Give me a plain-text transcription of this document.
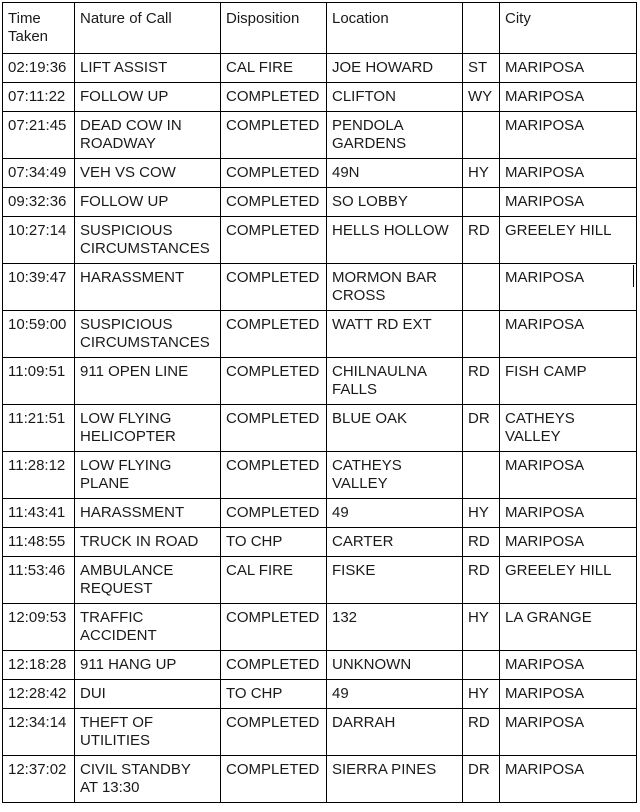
Time
Taken	Nature of Call	Disposition	Location		City
02:19:36	LIFT ASSIST	CAL FIRE	JOE HOWARD	ST	MARIPOSA
07:11:22	FOLLOW UP	COMPLETED	CLIFTON	WY	MARIPOSA
07:21:45	DEAD COW IN
ROADWAY	COMPLETED	PENDOLA
GARDENS		MARIPOSA
07:34:49	VEH VS COW	COMPLETED	49N	HY	MARIPOSA
09:32:36	FOLLOW UP	COMPLETED	SO LOBBY		MARIPOSA
10:27:14	SUSPICIOUS
CIRCUMSTANCES	COMPLETED	HELLS HOLLOW	RD	GREELEY HILL
10:39:47	HARASSMENT	COMPLETED	MORMON BAR
CROSS		MARIPOSA
10:59:00	SUSPICIOUS
CIRCUMSTANCES	COMPLETED	WATT RD EXT		MARIPOSA
11:09:51	911 OPEN LINE	COMPLETED	CHILNAULNA
FALLS	RD	FISH CAMP
11:21:51	LOW FLYING
HELICOPTER	COMPLETED	BLUE OAK	DR	CATHEYS
VALLEY
11:28:12	LOW FLYING
PLANE	COMPLETED	CATHEYS
VALLEY		MARIPOSA
11:43:41	HARASSMENT	COMPLETED	49	HY	MARIPOSA
11:48:55	TRUCK IN ROAD	TO CHP	CARTER	RD	MARIPOSA
11:53:46	AMBULANCE
REQUEST	CAL FIRE	FISKE	RD	GREELEY HILL
12:09:53	TRAFFIC
ACCIDENT	COMPLETED	132	HY	LA GRANGE
12:18:28	911 HANG UP	COMPLETED	UNKNOWN		MARIPOSA
12:28:42	DUI	TO CHP	49	HY	MARIPOSA
12:34:14	THEFT OF
UTILITIES	COMPLETED	DARRAH	RD	MARIPOSA
12:37:02	CIVIL STANDBY
AT 13:30	COMPLETED	SIERRA PINES	DR	MARIPOSA
